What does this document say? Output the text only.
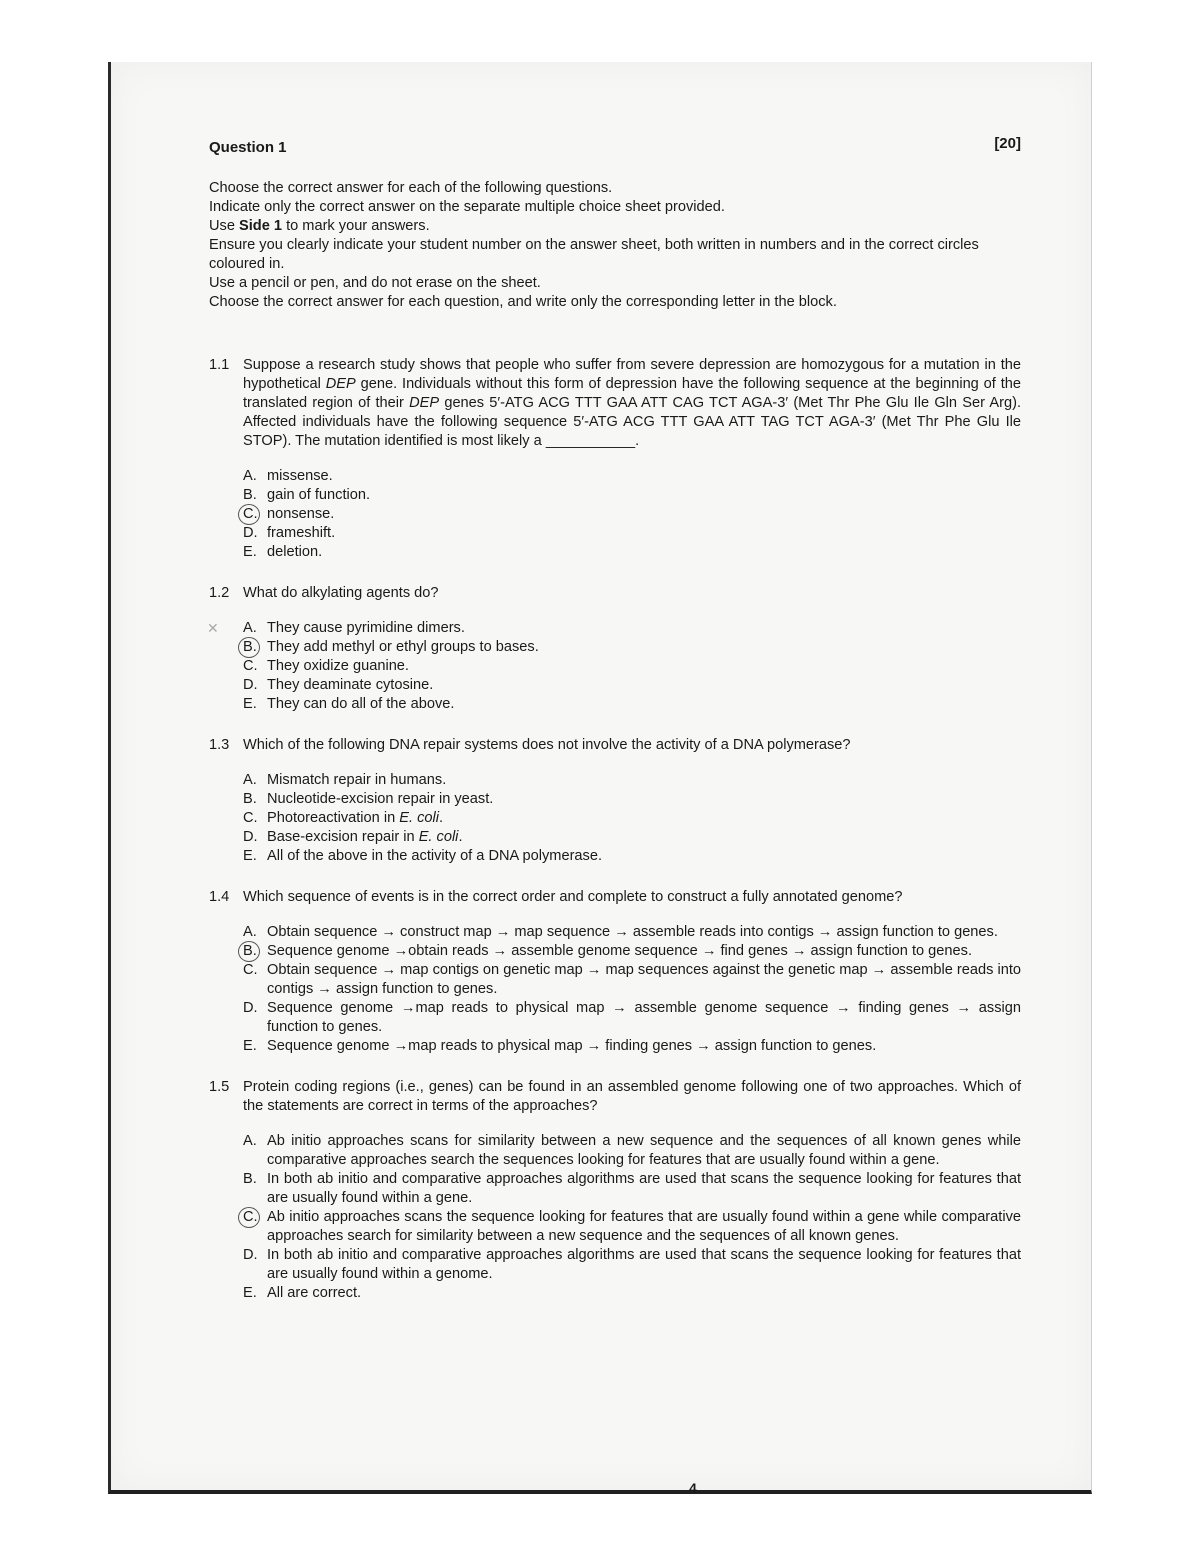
[20]
Question 1

Choose the correct answer for each of the following questions.

Indicate only the correct answer on the separate multiple choice sheet provided.

Use Side 1 to mark your answers.

Ensure you clearly indicate your student number on the answer sheet, both written in numbers and in the correct circles coloured in.

Use a pencil or pen, and do not erase on the sheet.

Choose the correct answer for each question, and write only the corresponding letter in the block.

1.1 Suppose a research study shows that people who suffer from severe depression are homozygous for a mutation in the hypothetical DEP gene. Individuals without this form of depression have the following sequence at the beginning of the translated region of their DEP genes 5′-ATG ACG TTT GAA ATT CAG TCT AGA-3′ (Met Thr Phe Glu Ile Gln Ser Arg). Affected individuals have the following sequence 5′-ATG ACG TTT GAA ATT TAG TCT AGA-3′ (Met Thr Phe Glu Ile STOP). The mutation identified is most likely a ___________.
A. missense.
B. gain of function.
C. nonsense.
D. frameshift.
E. deletion.
1.2 What do alkylating agents do?
✕ A. They cause pyrimidine dimers.
B. They add methyl or ethyl groups to bases.
C. They oxidize guanine.
D. They deaminate cytosine.
E. They can do all of the above.
1.3 Which of the following DNA repair systems does not involve the activity of a DNA polymerase?
A. Mismatch repair in humans.
B. Nucleotide-excision repair in yeast.
C. Photoreactivation in E. coli.
D. Base-excision repair in E. coli.
E. All of the above in the activity of a DNA polymerase.
1.4 Which sequence of events is in the correct order and complete to construct a fully annotated genome?
A. Obtain sequence → construct map → map sequence → assemble reads into contigs → assign function to genes.
B. Sequence genome →obtain reads → assemble genome sequence → find genes → assign function to genes.
C. Obtain sequence → map contigs on genetic map → map sequences against the genetic map → assemble reads into contigs → assign function to genes.
D. Sequence genome →map reads to physical map → assemble genome sequence → finding genes → assign function to genes.
E. Sequence genome →map reads to physical map → finding genes → assign function to genes.
1.5 Protein coding regions (i.e., genes) can be found in an assembled genome following one of two approaches. Which of the statements are correct in terms of the approaches?
A. Ab initio approaches scans for similarity between a new sequence and the sequences of all known genes while comparative approaches search the sequences looking for features that are usually found within a gene.
B. In both ab initio and comparative approaches algorithms are used that scans the sequence looking for features that are usually found within a gene.
C. Ab initio approaches scans the sequence looking for features that are usually found within a gene while comparative approaches search for similarity between a new sequence and the sequences of all known genes.
D. In both ab initio and comparative approaches algorithms are used that scans the sequence looking for features that are usually found within a genome.
E. All are correct.
4
